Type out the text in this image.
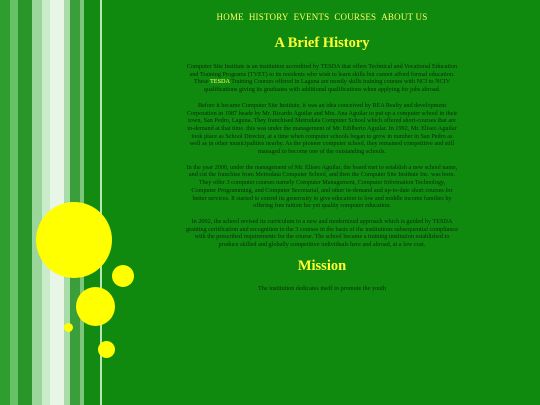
HOME HISTORY EVENTS COURSES ABOUT US
A Brief History

Computer Site Institute is an institution accredited by TESDA that offers Technical and Vocational Education and Training Programs (TVET) to its residents who wish to learn skills but cannot afford formal education. These TESDA Training Courses offered in Laguna are mostly skills training courses with NCI to NCIV qualifications giving its graduates with additional qualifications when applying for jobs abroad.

Before it became Computer Site Institute, it was an idea conceived by REA Realty and development Corporation in 1987 heade by Mr. Ricardo Aguilar and Mrs. Ana Aguilar to put up a computer school in their town, San Pedro, Laguna. They franchised Metrodata Computer School which offered short-courses that are in-demand at that time. this was under the management of Mr. Edilberto Aguilar. In 1992, Mr. Eliseo Aguilar took place as School Director, at a time when computer schools began to grow in number in San Pedro as well as in other municipalities nearby. As the pioneer computer school, they remained competitive and still managed to become one of the outstanding schools.

In the year 2000, under the management of Mr. Eliseo Aguilar, the board met to establish a new school name, and cut the franchise from Metrodata Computer School, and then the Computer Site Institute Inc. was born. They offer 3 computer courses namely Computer Management, Computer Information Technology, Computer Programming, and Computer Secretarial, and other in-demand and up-to-date short courses for better services. It started to extend its generosity to give education to low and middle income families by offering free tuition fee yet quality computer education.

In 2002, the school revised its curriculum to a new and modernized approach which is guided by TESDA granting certification and recognition to the 3 courses in the basis of the institutions subsequential compliance with the prescribed requirements for the course. The school became a training institution established to produce skilled and globally competitive individuals here and abroad, at a low cost.

Mission

The institution dedicates itself to promote the youth
